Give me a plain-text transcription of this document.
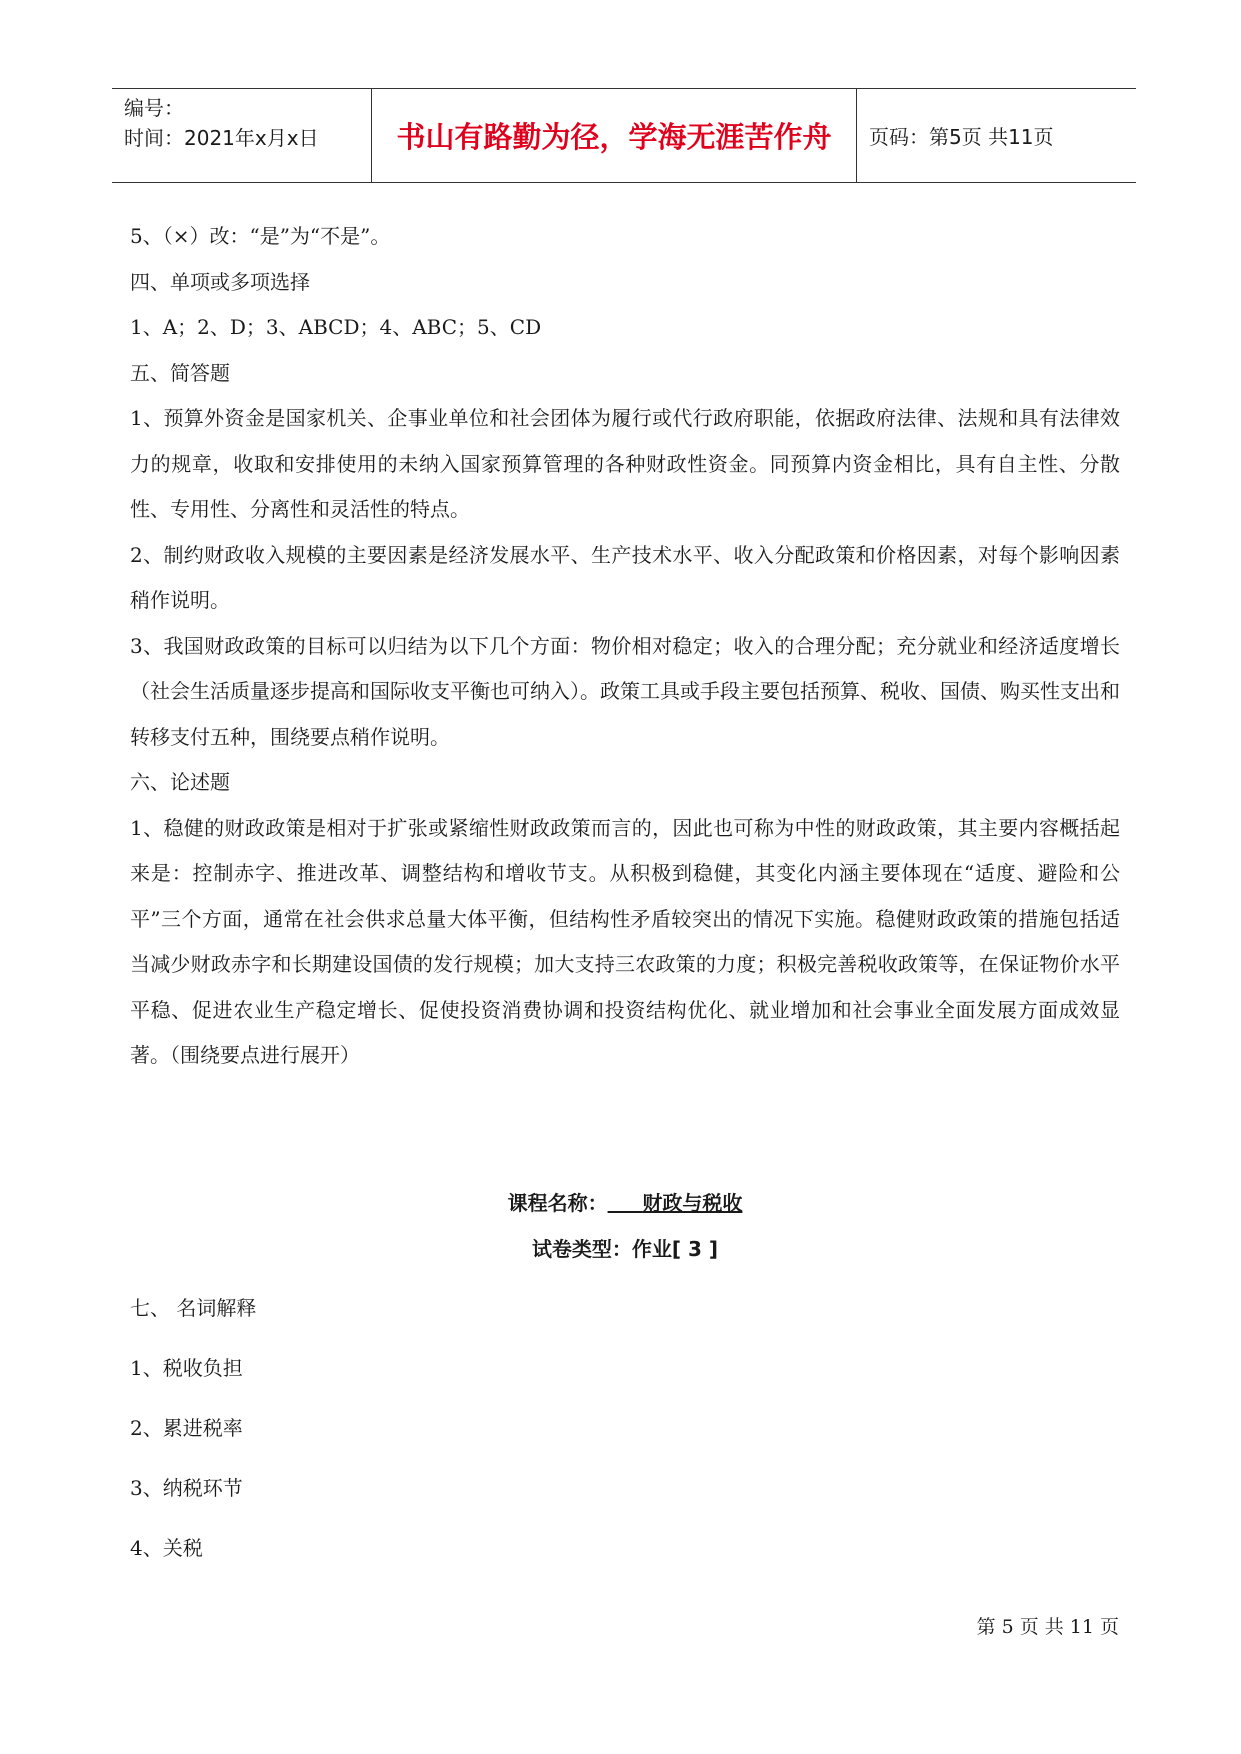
编号：
时间：2021年x月x日	书山有路勤为径，学海无涯苦作舟	页码：第5页 共11页
5、（×）改：“是”为“不是”。
四、单项或多项选择
1、A；2、D；3、ABCD；4、ABC；5、CD
五、简答题
1、预算外资金是国家机关、企事业单位和社会团体为履行或代行政府职能，依据政府法律、法规和具有法律效力的规章，收取和安排使用的未纳入国家预算管理的各种财政性资金。同预算内资金相比，具有自主性、分散性、专用性、分离性和灵活性的特点。
2、制约财政收入规模的主要因素是经济发展水平、生产技术水平、收入分配政策和价格因素，对每个影响因素稍作说明。
3、我国财政政策的目标可以归结为以下几个方面：物价相对稳定；收入的合理分配；充分就业和经济适度增长（社会生活质量逐步提高和国际收支平衡也可纳入）。政策工具或手段主要包括预算、税收、国债、购买性支出和转移支付五种，围绕要点稍作说明。
六、论述题
1、稳健的财政政策是相对于扩张或紧缩性财政政策而言的，因此也可称为中性的财政政策，其主要内容概括起来是：控制赤字、推进改革、调整结构和增收节支。从积极到稳健，其变化内涵主要体现在“适度、避险和公平”三个方面，通常在社会供求总量大体平衡，但结构性矛盾较突出的情况下实施。稳健财政政策的措施包括适当减少财政赤字和长期建设国债的发行规模；加大支持三农政策的力度；积极完善税收政策等，在保证物价水平平稳、促进农业生产稳定增长、促使投资消费协调和投资结构优化、就业增加和社会事业全面发展方面成效显著。（围绕要点进行展开）
课程名称： 财政与税收
试卷类型：作业[ 3 ]
七、 名词解释
1、税收负担
2、累进税率
3、纳税环节
4、关税
第 5 页 共 11 页
